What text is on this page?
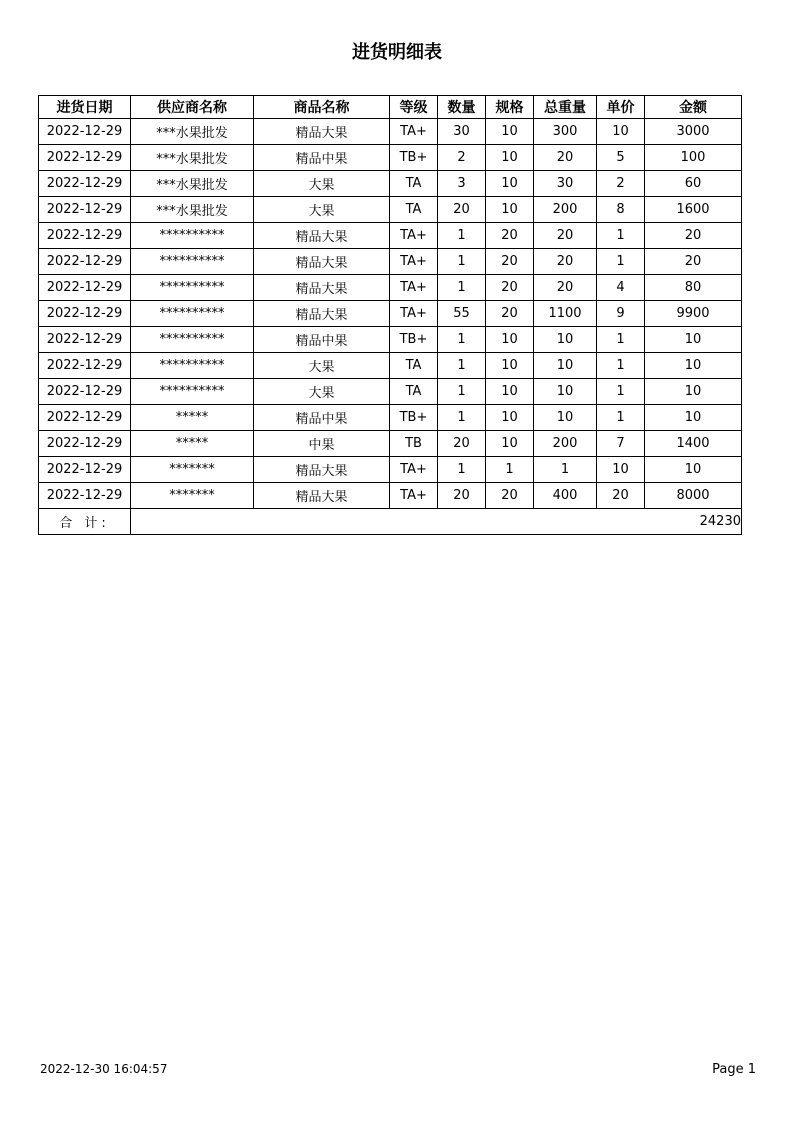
进货明细表
进货日期	供应商名称	商品名称	等级	数量	规格	总重量	单价	金额
2022-12-29	***水果批发	精品大果	TA+	30	10	300	10	3000
2022-12-29	***水果批发	精品中果	TB+	2	10	20	5	100
2022-12-29	***水果批发	大果	TA	3	10	30	2	60
2022-12-29	***水果批发	大果	TA	20	10	200	8	1600
2022-12-29	**********	精品大果	TA+	1	20	20	1	20
2022-12-29	**********	精品大果	TA+	1	20	20	1	20
2022-12-29	**********	精品大果	TA+	1	20	20	4	80
2022-12-29	**********	精品大果	TA+	55	20	1100	9	9900
2022-12-29	**********	精品中果	TB+	1	10	10	1	10
2022-12-29	**********	大果	TA	1	10	10	1	10
2022-12-29	**********	大果	TA	1	10	10	1	10
2022-12-29	*****	精品中果	TB+	1	10	10	1	10
2022-12-29	*****	中果	TB	20	10	200	7	1400
2022-12-29	*******	精品大果	TA+	1	1	1	10	10
2022-12-29	*******	精品大果	TA+	20	20	400	20	8000
合 计:	24230							
2022-12-30 16:04:57	Page 1
